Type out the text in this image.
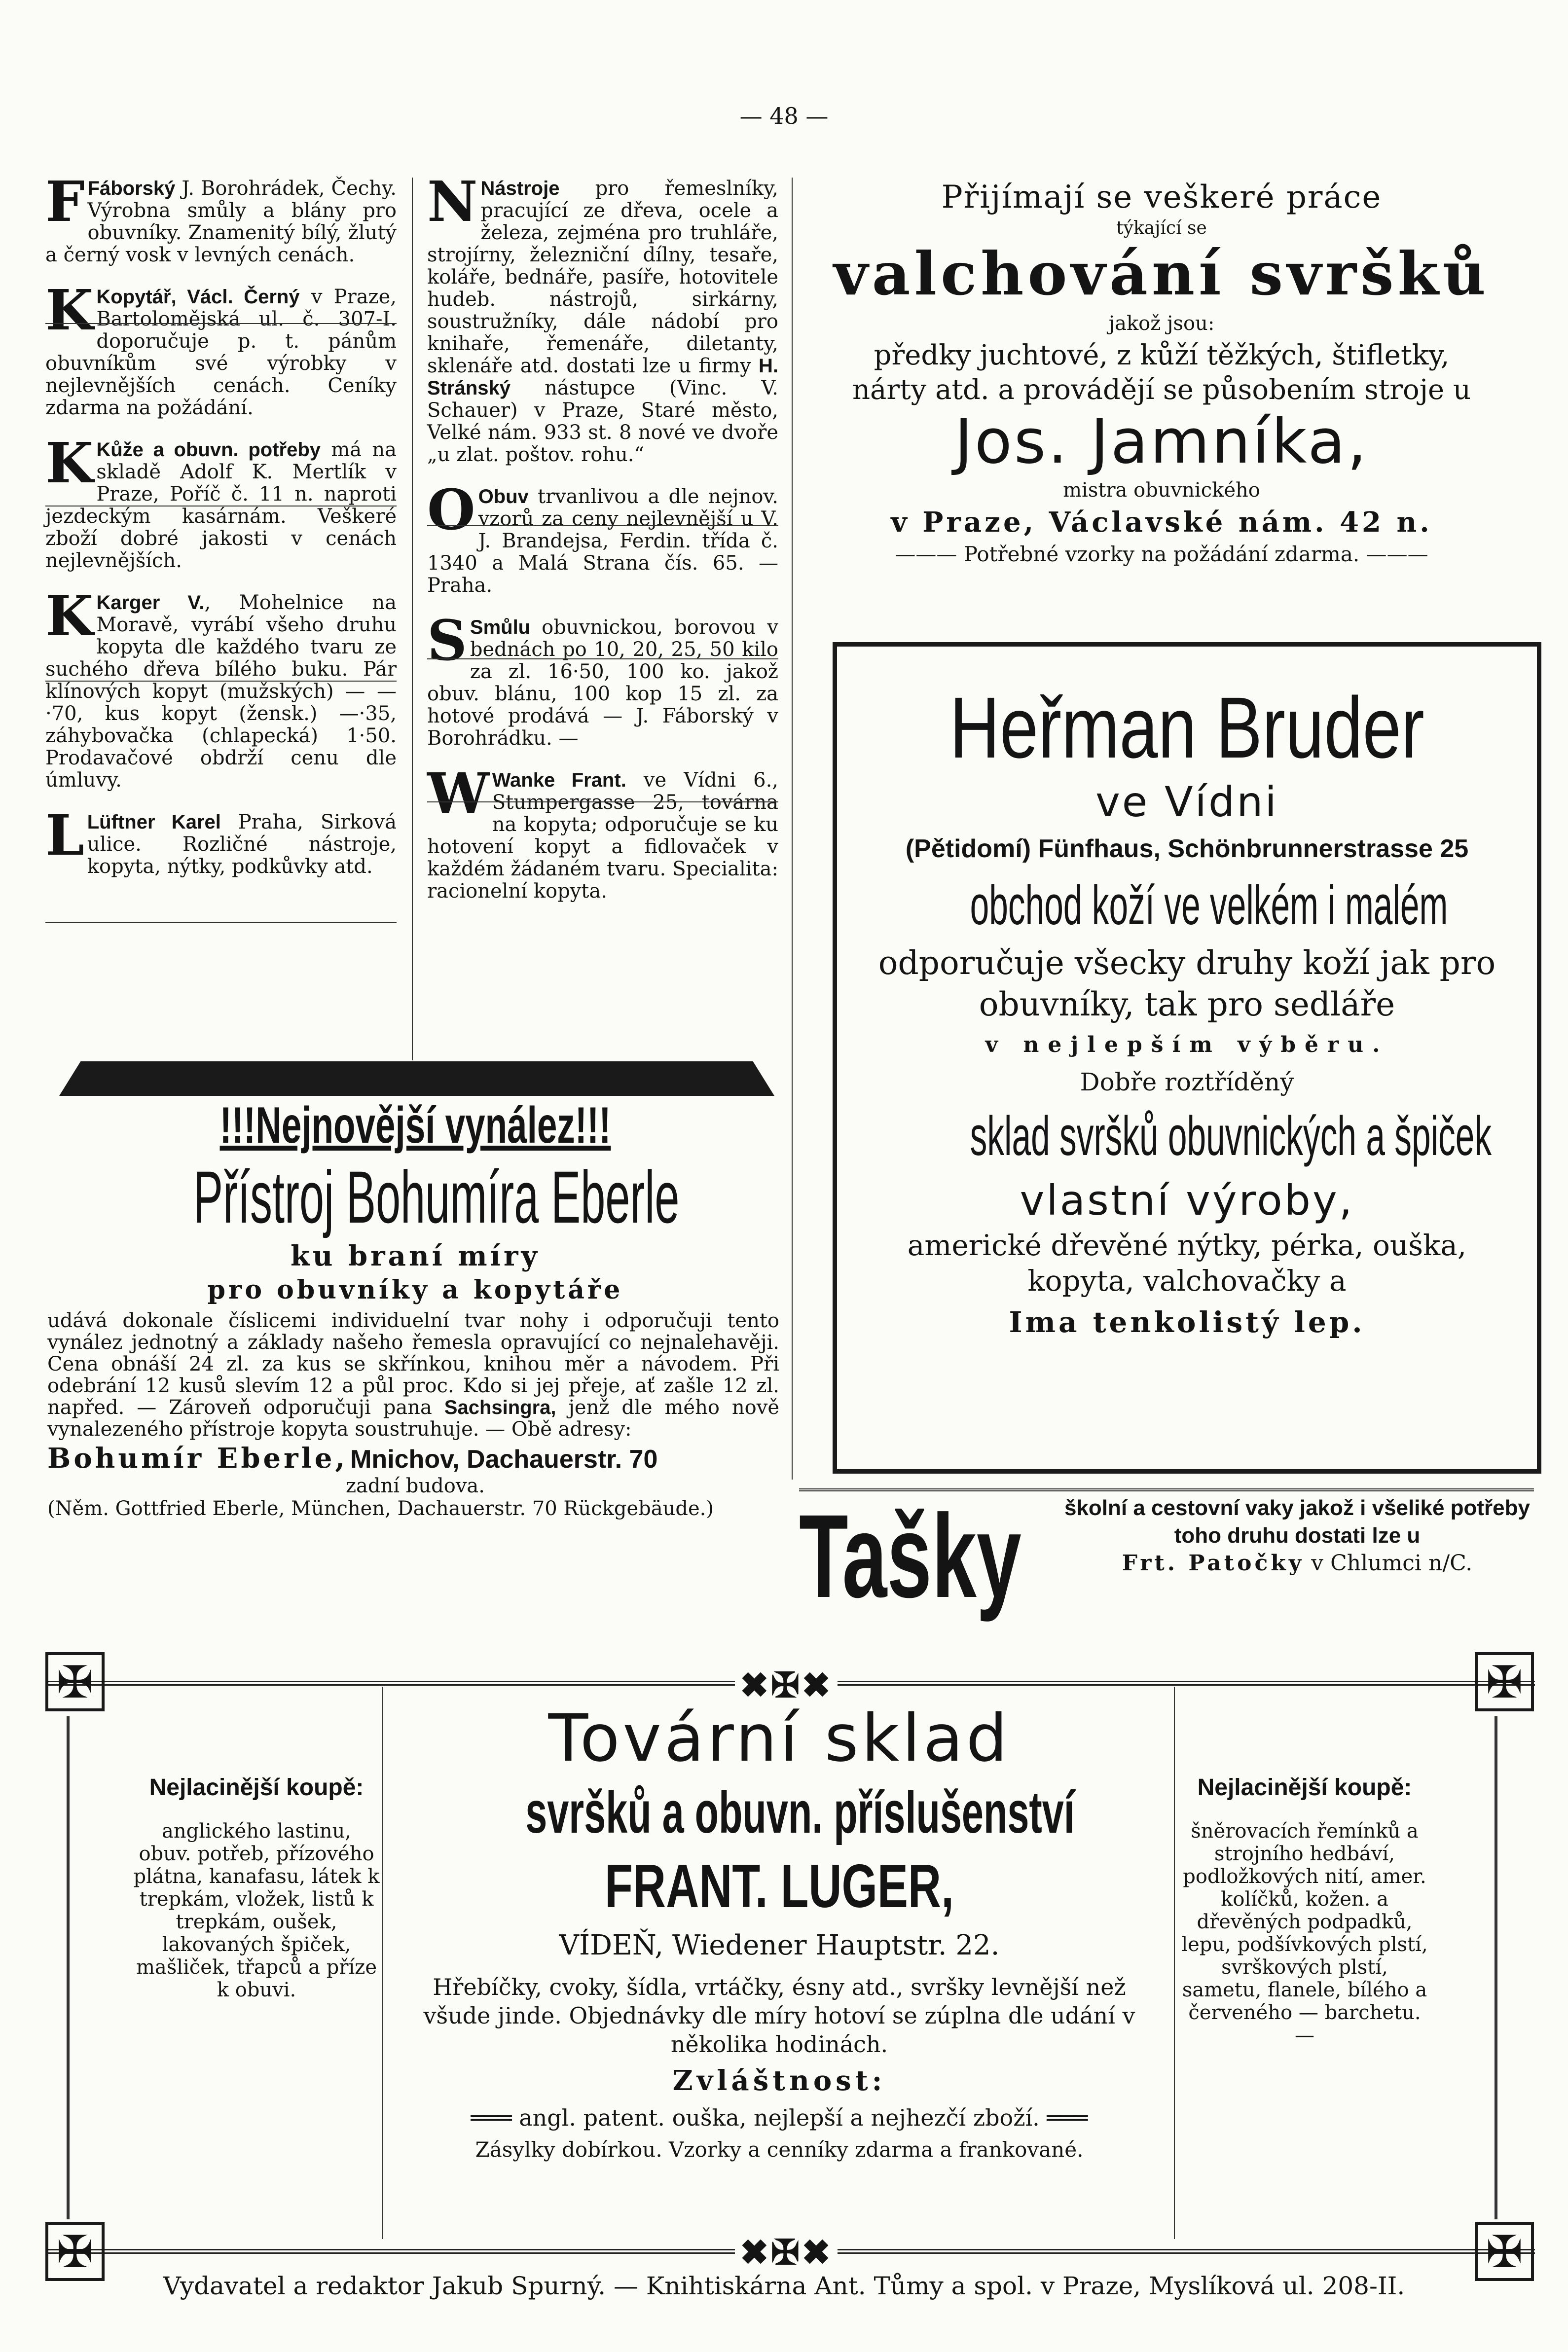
— 48 —

F Fáborský J. Borohrádek, Čechy. Výrobna smůly a blány pro obuvníky. Znamenitý bílý, žlutý a černý vosk v levných cenách.

K Kopytář, Václ. Černý v Praze, Bartolomějská ul. č. 307-I. doporučuje p. t. pánům obuvníkům své výrobky v nejlevnějších cenách. Ceníky zdarma na požádání.

K Kůže a obuvn. potřeby má na skladě Adolf K. Mertlík v Praze, Poříč č. 11 n. naproti jezdeckým kasárnám. Veškeré zboží dobré jakosti v cenách nejlevnějších.

K Karger V., Mohelnice na Moravě, vyrábí všeho druhu kopyta dle každého tvaru ze suchého dřeva bílého buku. Pár klínových kopyt (mužských) — —·70, kus kopyt (žensk.) —·35, záhybovačka (chlapecká) 1·50. Prodavačové obdrží cenu dle úmluvy.

L Lüftner Karel Praha, Sirková ulice. Rozličné nástroje, kopyta, nýtky, podkůvky atd.

N Nástroje pro řemeslníky, pracující ze dřeva, ocele a železa, zejména pro truhláře, strojírny, železniční dílny, tesaře, koláře, bednáře, pasíře, hotovitele hudeb. nástrojů, sirkárny, soustružníky, dále nádobí pro knihaře, řemenáře, diletanty, sklenáře atd. dostati lze u firmy H. Stránský nástupce (Vinc. V. Schauer) v Praze, Staré město, Velké nám. 933 st. 8 nové ve dvoře „u zlat. poštov. rohu.“

O Obuv trvanlivou a dle nejnov. vzorů za ceny nejlevnější u V. J. Brandejsa, Ferdin. třída č. 1340 a Malá Strana čís. 65. — Praha.

S Smůlu obuvnickou, borovou v bednách po 10, 20, 25, 50 kilo za zl. 16·50, 100 ko. jakož obuv. blánu, 100 kop 15 zl. za hotové prodává — J. Fáborský v Borohrádku. —

W Wanke Frant. ve Vídni 6., Stumpergasse 25, továrna na kopyta; odporučuje se ku hotovení kopyt a fidlovaček v každém žádaném tvaru. Specialita: racionelní kopyta.

Přijímají se veškeré práce
týkající se
valchování svršků
jakož jsou:
předky juchtové, z kůží těžkých, štifletky,
nárty atd. a provádějí se působením stroje u
Jos. Jamníka,
mistra obuvnického
v Praze, Václavské nám. 42 n.
——— Potřebné vzorky na požádání zdarma. ———
Heřman Bruder
ve Vídni
(Pětidomí) Fünfhaus, Schönbrunnerstrasse 25
obchod koží ve velkém i malém
odporučuje všecky druhy koží jak pro
obuvníky, tak pro sedláře
v nejlepším výběru.
Dobře roztříděný
sklad svršků obuvnických a špiček
vlastní výroby,
americké dřevěné nýtky, pérka, ouška,
kopyta, valchovačky a
Ima tenkolistý lep.
!!!Nejnovější vynález!!!
Přístroj Bohumíra Eberle
ku braní míry
pro obuvníky a kopytáře
udává dokonale číslicemi individuelní tvar nohy i odporučuji tento vynález jednotný a základy našeho řemesla opravující co nejnalehavěji. Cena obnáší 24 zl. za kus se skřínkou, knihou měr a návodem. Při odebrání 12 kusů slevím 12 a půl proc. Kdo si jej přeje, ať zašle 12 zl. napřed. — Zároveň odporučuji pana Sachsingra, jenž dle mého nově vynalezeného přístroje kopyta soustruhuje. — Obě adresy:
Bohumír Eberle, Mnichov, Dachauerstr. 70
zadní budova.
(Něm. Gottfried Eberle, München, Dachauerstr. 70 Rückgebäude.) Tašky	školní a cestovní vaky jakož i všeliké potřeby toho druhu dostati lze u
Frt. Patočky v Chlumci n/C.
✠
✠
✠
✠
✖✠✖
✖✠✖
Nejlacinější koupě:
anglického lastinu, obuv. potřeb, přízového plátna, kanafasu, látek k trepkám, vložek, listů k trepkám, oušek, lakovaných špiček, mašliček, třapců a příze k obuvi.
Nejlacinější koupě:
šněrovacích řemínků a strojního hedbáví, podložkových nití, amer. kolíčků, kožen. a dřevěných podpadků, lepu, podšívkových plstí, svrškových plstí, sametu, flanele, bílého a červeného — barchetu. —
Tovární sklad
svršků a obuvn. příslušenství
FRANT. LUGER,
VÍDEŇ, Wiedener Hauptstr. 22.
Hřebíčky, cvoky, šídla, vrtáčky, ésny atd., svršky levnější než všude jinde. Objednávky dle míry hotoví se zúplna dle udání v několika hodinách.
Zvláštnost:
═══ angl. patent. ouška, nejlepší a nejhezčí zboží. ═══
Zásylky dobírkou. Vzorky a cenníky zdarma a frankované.
Vydavatel a redaktor Jakub Spurný. — Knihtiskárna Ant. Tůmy a spol. v Praze, Myslíková ul. 208-II.
